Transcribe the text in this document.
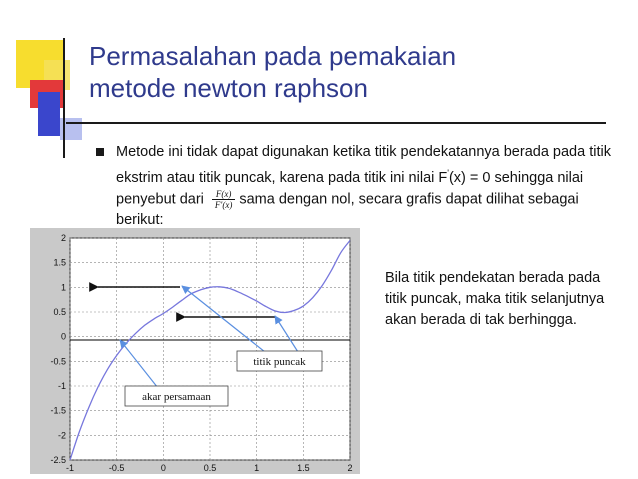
Permasalahan pada pemakaian
metode newton raphson

Metode ini tidak dapat digunakan ketika titik pendekatannya berada pada titik ekstrim atau titik puncak, karena pada titik ini nilai F'(x) = 0 sehingga nilai penyebut dari $\frac{F(x)}{F'(x)}$ sama dengan nol, secara grafis dapat dilihat sebagai berikut:

-1	-0.5	0	0.5	1	1.5	2
2
1.5
1
0.5
0
-0.5
-1
-1.5
-2
-2.5
titik puncak
akar persamaan

Bila titik pendekatan berada pada titik puncak, maka titik selanjutnya akan berada di tak berhingga.
